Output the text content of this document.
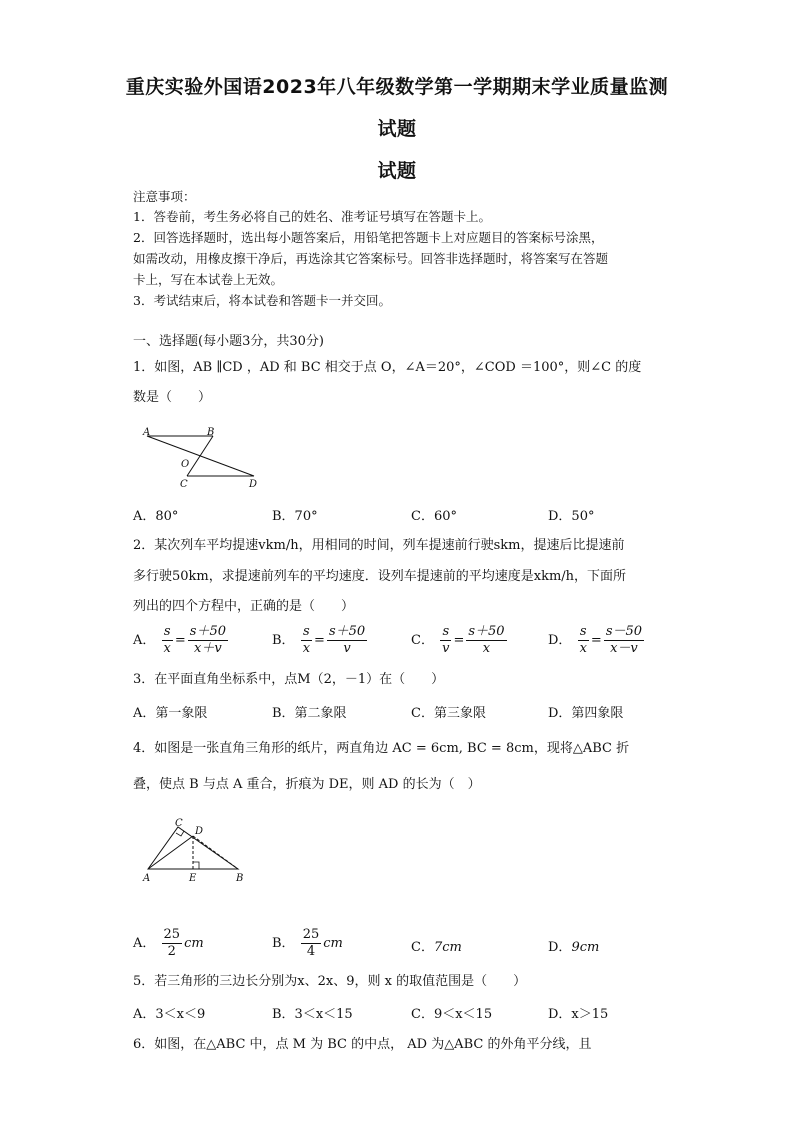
重庆实验外国语2023年八年级数学第一学期期末学业质量监测
试题
试题
注意事项：
1．答卷前，考生务必将自己的姓名、准考证号填写在答题卡上。
2．回答选择题时，选出每小题答案后，用铅笔把答题卡上对应题目的答案标号涂黑，
如需改动，用橡皮擦干净后，再选涂其它答案标号。回答非选择题时，将答案写在答题
卡上，写在本试卷上无效。
3．考试结束后，将本试卷和答题卡一并交回。
一、选择题(每小题3分，共30分)
1．如图，AB ∥CD ，AD 和 BC 相交于点 O，∠A＝20°，∠COD ＝100°，则∠C 的度
数是（　　）
A	B
O
C	D
A．80°	B．70°	C．60°	D．50°
2．某次列车平均提速vkm/h，用相同的时间，列车提速前行驶skm，提速后比提速前
多行驶50km，求提速前列车的平均速度．设列车提速前的平均速度是xkm/h，下面所
列出的四个方程中，正确的是（　　）
A． $\frac{s}{x} = \frac{s+50}{x+v}$	B． $\frac{s}{x} = \frac{s+50}{v}$	C． $\frac{s}{v} = \frac{s+50}{x}$	D． $\frac{s}{x} = \frac{s-50}{x-v}$
3．在平面直角坐标系中，点M（2，－1）在（　　）
A．第一象限	B．第二象限	C．第三象限	D．第四象限
4．如图是一张直角三角形的纸片，两直角边 AC = 6cm, BC = 8cm，现将△ABC 折
叠，使点 B 与点 A 重合，折痕为 DE，则 AD 的长为（　）
C
D
A	E	B
A． $\frac{25}{2}$ cm	B． $\frac{25}{4}$ cm	C．7cm	D．9cm
5．若三角形的三边长分别为x、2x、9，则 x 的取值范围是（　　）
A．3＜x＜9	B．3＜x＜15	C．9＜x＜15	D．x＞15
6．如图，在△ABC 中，点 M 为 BC 的中点， AD 为△ABC 的外角平分线，且
